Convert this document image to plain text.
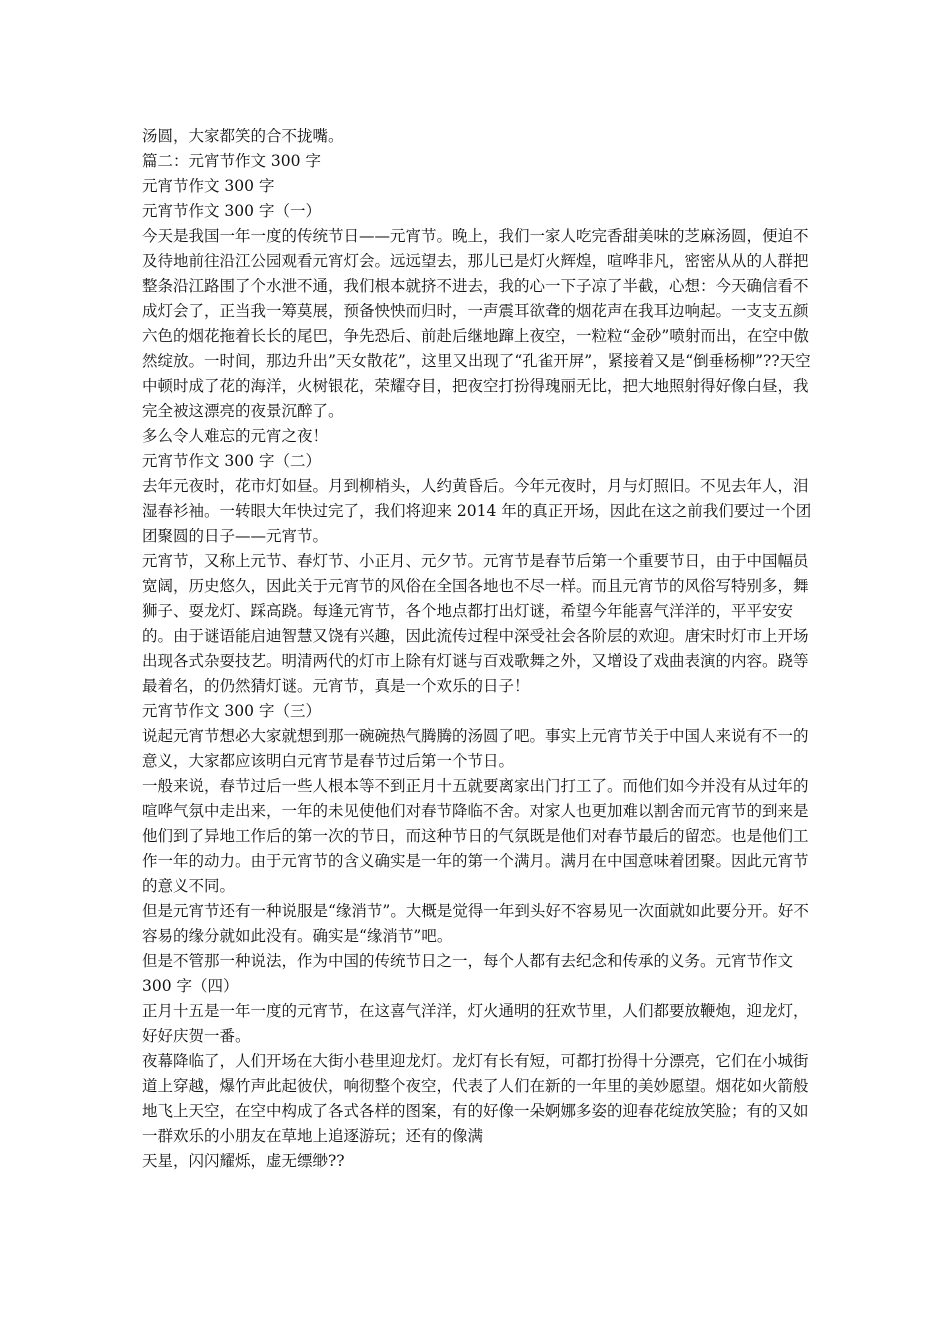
汤圆，大家都笑的合不拢嘴。
篇二：元宵节作文 300 字
元宵节作文 300 字
元宵节作文 300 字（一）
今天是我国一年一度的传统节日——元宵节。晚上，我们一家人吃完香甜美味的芝麻汤圆，便迫不及待地前往沿江公园观看元宵灯会。远远望去，那儿已是灯火辉煌，喧哗非凡，密密从从的人群把整条沿江路围了个水泄不通，我们根本就挤不进去，我的心一下子凉了半截，心想：今天确信看不成灯会了，正当我一筹莫展，预备怏怏而归时，一声震耳欲聋的烟花声在我耳边响起。一支支五颜六色的烟花拖着长长的尾巴，争先恐后、前赴后继地蹿上夜空，一粒粒“金砂”喷射而出，在空中傲然绽放。一时间，那边升出”天女散花”，这里又出现了“孔雀开屏”，紧接着又是“倒垂杨柳”??天空中顿时成了花的海洋，火树银花，荣耀夺目，把夜空打扮得瑰丽无比，把大地照射得好像白昼，我完全被这漂亮的夜景沉醉了。
多么令人难忘的元宵之夜！
元宵节作文 300 字（二）
去年元夜时，花市灯如昼。月到柳梢头，人约黄昏后。今年元夜时，月与灯照旧。不见去年人，泪湿春衫袖。一转眼大年快过完了，我们将迎来 2014 年的真正开场，因此在这之前我们要过一个团团聚圆的日子——元宵节。
元宵节，又称上元节、春灯节、小正月、元夕节。元宵节是春节后第一个重要节日，由于中国幅员宽阔，历史悠久，因此关于元宵节的风俗在全国各地也不尽一样。而且元宵节的风俗写特别多，舞狮子、耍龙灯、踩高跷。每逢元宵节，各个地点都打出灯谜，希望今年能喜气洋洋的，平平安安的。由于谜语能启迪智慧又饶有兴趣，因此流传过程中深受社会各阶层的欢迎。唐宋时灯市上开场出现各式杂耍技艺。明清两代的灯市上除有灯谜与百戏歌舞之外，又增设了戏曲表演的内容。跷等最着名，的仍然猜灯谜。元宵节，真是一个欢乐的日子！
元宵节作文 300 字（三）
说起元宵节想必大家就想到那一碗碗热气腾腾的汤圆了吧。事实上元宵节关于中国人来说有不一的意义，大家都应该明白元宵节是春节过后第一个节日。
一般来说，春节过后一些人根本等不到正月十五就要离家出门打工了。而他们如今并没有从过年的喧哗气氛中走出来，一年的未见使他们对春节降临不舍。对家人也更加难以割舍而元宵节的到来是他们到了异地工作后的第一次的节日，而这种节日的气氛既是他们对春节最后的留恋。也是他们工作一年的动力。由于元宵节的含义确实是一年的第一个满月。满月在中国意味着团聚。因此元宵节的意义不同。
但是元宵节还有一种说服是“缘消节”。大概是觉得一年到头好不容易见一次面就如此要分开。好不容易的缘分就如此没有。确实是“缘消节”吧。
但是不管那一种说法，作为中国的传统节日之一，每个人都有去纪念和传承的义务。元宵节作文 300 字（四）
正月十五是一年一度的元宵节，在这喜气洋洋，灯火通明的狂欢节里，人们都要放鞭炮，迎龙灯，好好庆贺一番。
夜幕降临了，人们开场在大街小巷里迎龙灯。龙灯有长有短，可都打扮得十分漂亮，它们在小城街道上穿越，爆竹声此起彼伏，响彻整个夜空，代表了人们在新的一年里的美妙愿望。烟花如火箭般地飞上天空，在空中构成了各式各样的图案，有的好像一朵婀娜多姿的迎春花绽放笑脸；有的又如一群欢乐的小朋友在草地上追逐游玩；还有的像满
天星，闪闪耀烁，虚无缥缈??
